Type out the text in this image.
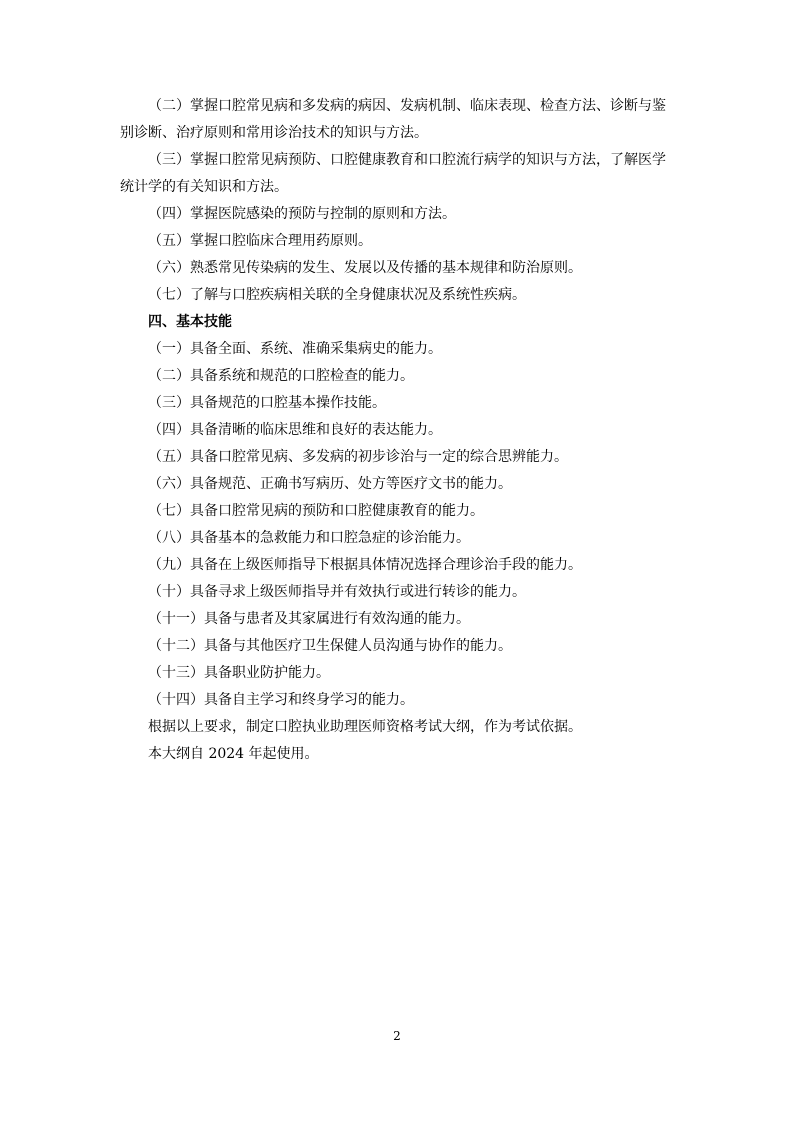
（二）掌握口腔常见病和多发病的病因、发病机制、临床表现、检查方法、诊断与鉴
别诊断、治疗原则和常用诊治技术的知识与方法。
（三）掌握口腔常见病预防、口腔健康教育和口腔流行病学的知识与方法，了解医学
统计学的有关知识和方法。
（四）掌握医院感染的预防与控制的原则和方法。
（五）掌握口腔临床合理用药原则。
（六）熟悉常见传染病的发生、发展以及传播的基本规律和防治原则。
（七）了解与口腔疾病相关联的全身健康状况及系统性疾病。
四、基本技能
（一）具备全面、系统、准确采集病史的能力。
（二）具备系统和规范的口腔检查的能力。
（三）具备规范的口腔基本操作技能。
（四）具备清晰的临床思维和良好的表达能力。
（五）具备口腔常见病、多发病的初步诊治与一定的综合思辨能力。
（六）具备规范、正确书写病历、处方等医疗文书的能力。
（七）具备口腔常见病的预防和口腔健康教育的能力。
（八）具备基本的急救能力和口腔急症的诊治能力。
（九）具备在上级医师指导下根据具体情况选择合理诊治手段的能力。
（十）具备寻求上级医师指导并有效执行或进行转诊的能力。
（十一）具备与患者及其家属进行有效沟通的能力。
（十二）具备与其他医疗卫生保健人员沟通与协作的能力。
（十三）具备职业防护能力。
（十四）具备自主学习和终身学习的能力。
根据以上要求，制定口腔执业助理医师资格考试大纲，作为考试依据。
本大纲自 2024 年起使用。
2
